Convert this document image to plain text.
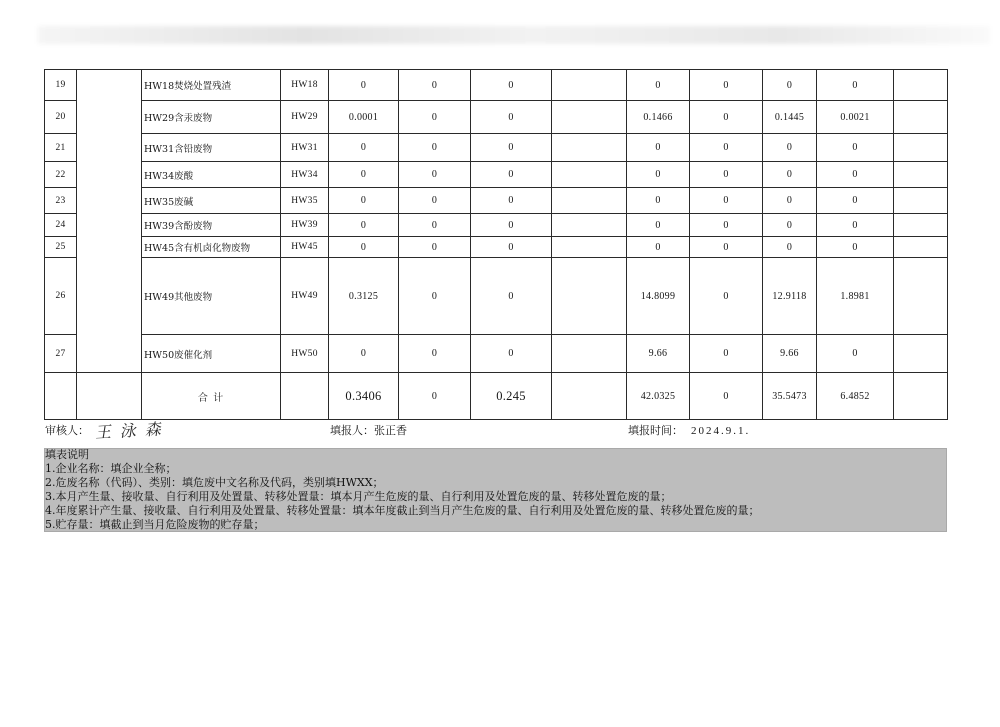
19		HW18焚烧处置残渣	HW18	0	0	0		0	0	0	0	
20		HW29含汞废物	HW29	0.0001	0	0		0.1466	0	0.1445	0.0021	
21		HW31含铅废物	HW31	0	0	0		0	0	0	0	
22		HW34废酸	HW34	0	0	0		0	0	0	0	
23		HW35废碱	HW35	0	0	0		0	0	0	0	
24		HW39含酚废物	HW39	0	0	0		0	0	0	0	
25		HW45含有机卤化物废物	HW45	0	0	0		0	0	0	0	
26		HW49其他废物	HW49	0.3125	0	0		14.8099	0	12.9118	1.8981	
27		HW50废催化剂	HW50	0	0	0		9.66	0	9.66	0	
		合 计		0.3406	0	0.245		42.0325	0	35.5473	6.4852	
审核人： 王泳森	填报人：张正香	填报时间： 2024.9.1.
填表说明
1.企业名称：填企业全称；
2.危废名称（代码）、类别：填危废中文名称及代码，类别填HWXX；
3.本月产生量、接收量、自行利用及处置量、转移处置量：填本月产生危废的量、自行利用及处置危废的量、转移处置危废的量；
4.年度累计产生量、接收量、自行利用及处置量、转移处置量：填本年度截止到当月产生危废的量、自行利用及处置危废的量、转移处置危废的量；
5.贮存量：填截止到当月危险废物的贮存量；
